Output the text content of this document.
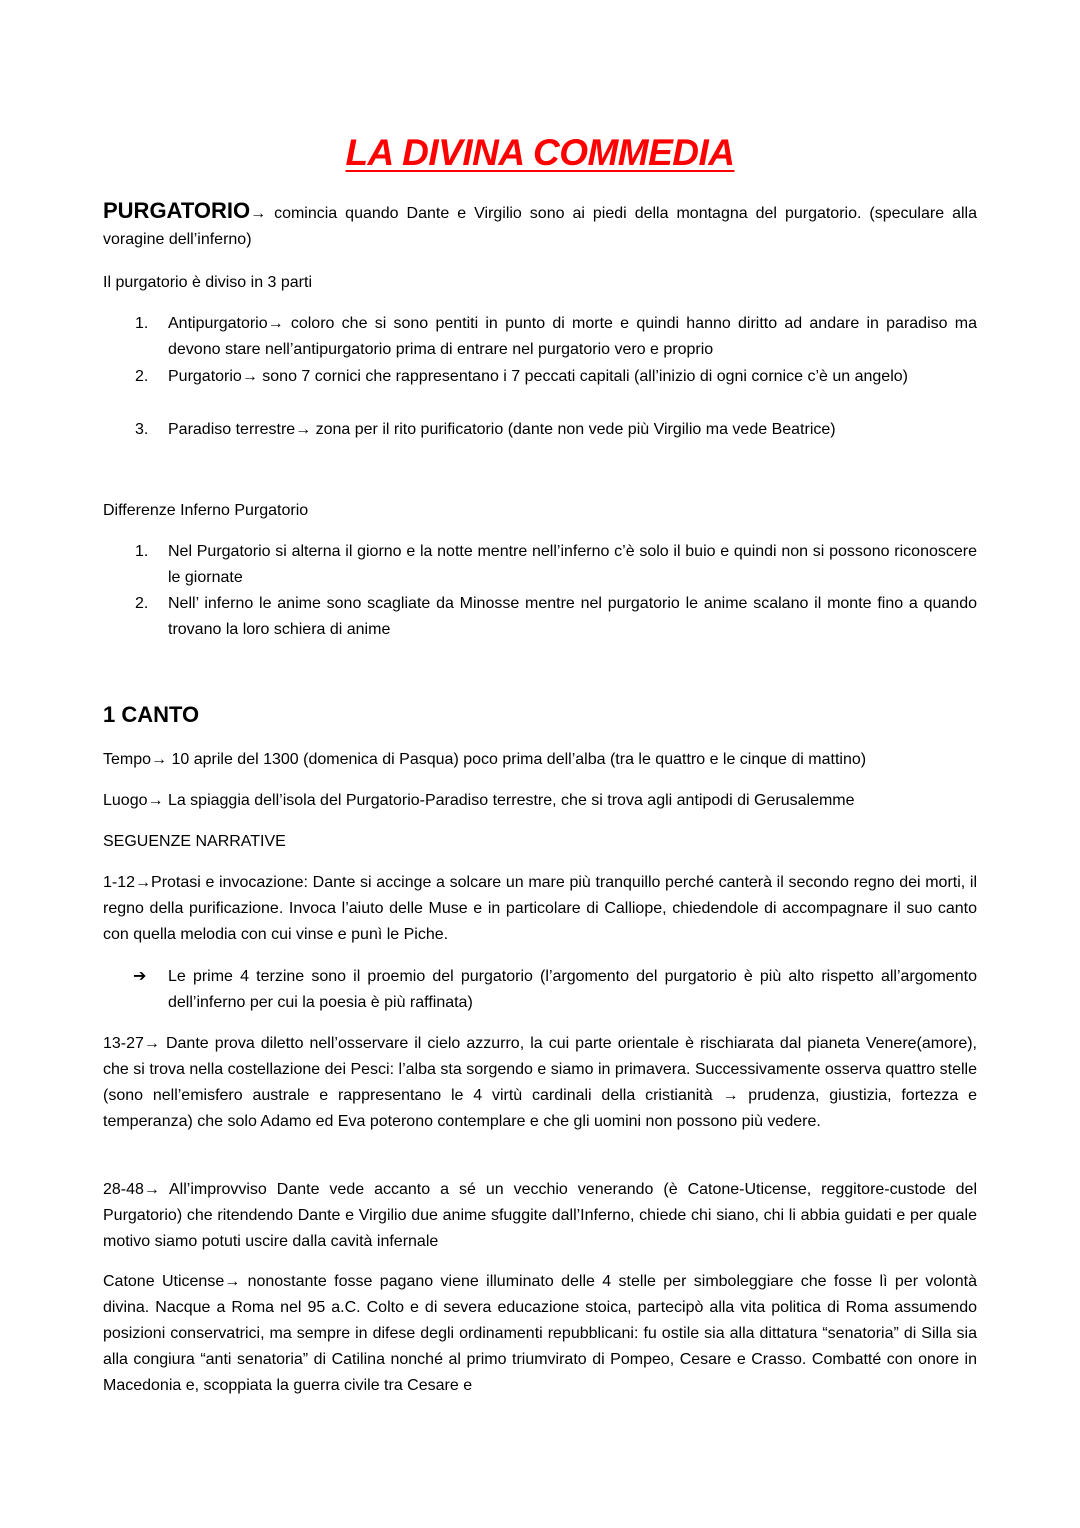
LA DIVINA COMMEDIA
PURGATORIO→ comincia quando Dante e Virgilio sono ai piedi della montagna del purgatorio. (speculare alla voragine dell’inferno)
Il purgatorio è diviso in 3 parti
1. Antipurgatorio→ coloro che si sono pentiti in punto di morte e quindi hanno diritto ad andare in paradiso ma devono stare nell’antipurgatorio prima di entrare nel purgatorio vero e proprio
2. Purgatorio→ sono 7 cornici che rappresentano i 7 peccati capitali (all’inizio di ogni cornice c’è un angelo)
3. Paradiso terrestre→ zona per il rito purificatorio (dante non vede più Virgilio ma vede Beatrice)
Differenze Inferno Purgatorio
1. Nel Purgatorio si alterna il giorno e la notte mentre nell’inferno c’è solo il buio e quindi non si possono riconoscere le giornate
2. Nell’ inferno le anime sono scagliate da Minosse mentre nel purgatorio le anime scalano il monte fino a quando trovano la loro schiera di anime
1 CANTO
Tempo→ 10 aprile del 1300 (domenica di Pasqua) poco prima dell’alba (tra le quattro e le cinque di mattino)
Luogo→ La spiaggia dell’isola del Purgatorio-Paradiso terrestre, che si trova agli antipodi di Gerusalemme
SEGUENZE NARRATIVE
1-12→Protasi e invocazione: Dante si accinge a solcare un mare più tranquillo perché canterà il secondo regno dei morti, il regno della purificazione. Invoca l’aiuto delle Muse e in particolare di Calliope, chiedendole di accompagnare il suo canto con quella melodia con cui vinse e punì le Piche.
➔ Le prime 4 terzine sono il proemio del purgatorio (l’argomento del purgatorio è più alto rispetto all’argomento dell’inferno per cui la poesia è più raffinata)
13-27→ Dante prova diletto nell’osservare il cielo azzurro, la cui parte orientale è rischiarata dal pianeta Venere(amore), che si trova nella costellazione dei Pesci: l’alba sta sorgendo e siamo in primavera. Successivamente osserva quattro stelle (sono nell’emisfero australe e rappresentano le 4 virtù cardinali della cristianità → prudenza, giustizia, fortezza e temperanza) che solo Adamo ed Eva poterono contemplare e che gli uomini non possono più vedere.
28-48→ All’improvviso Dante vede accanto a sé un vecchio venerando (è Catone-Uticense, reggitore-custode del Purgatorio) che ritendendo Dante e Virgilio due anime sfuggite dall’Inferno, chiede chi siano, chi li abbia guidati e per quale motivo siamo potuti uscire dalla cavità infernale
Catone Uticense→ nonostante fosse pagano viene illuminato delle 4 stelle per simboleggiare che fosse lì per volontà divina. Nacque a Roma nel 95 a.C. Colto e di severa educazione stoica, partecipò alla vita politica di Roma assumendo posizioni conservatrici, ma sempre in difese degli ordinamenti repubblicani: fu ostile sia alla dittatura “senatoria” di Silla sia alla congiura “anti senatoria” di Catilina nonché al primo triumvirato di Pompeo, Cesare e Crasso. Combatté con onore in Macedonia e, scoppiata la guerra civile tra Cesare e
